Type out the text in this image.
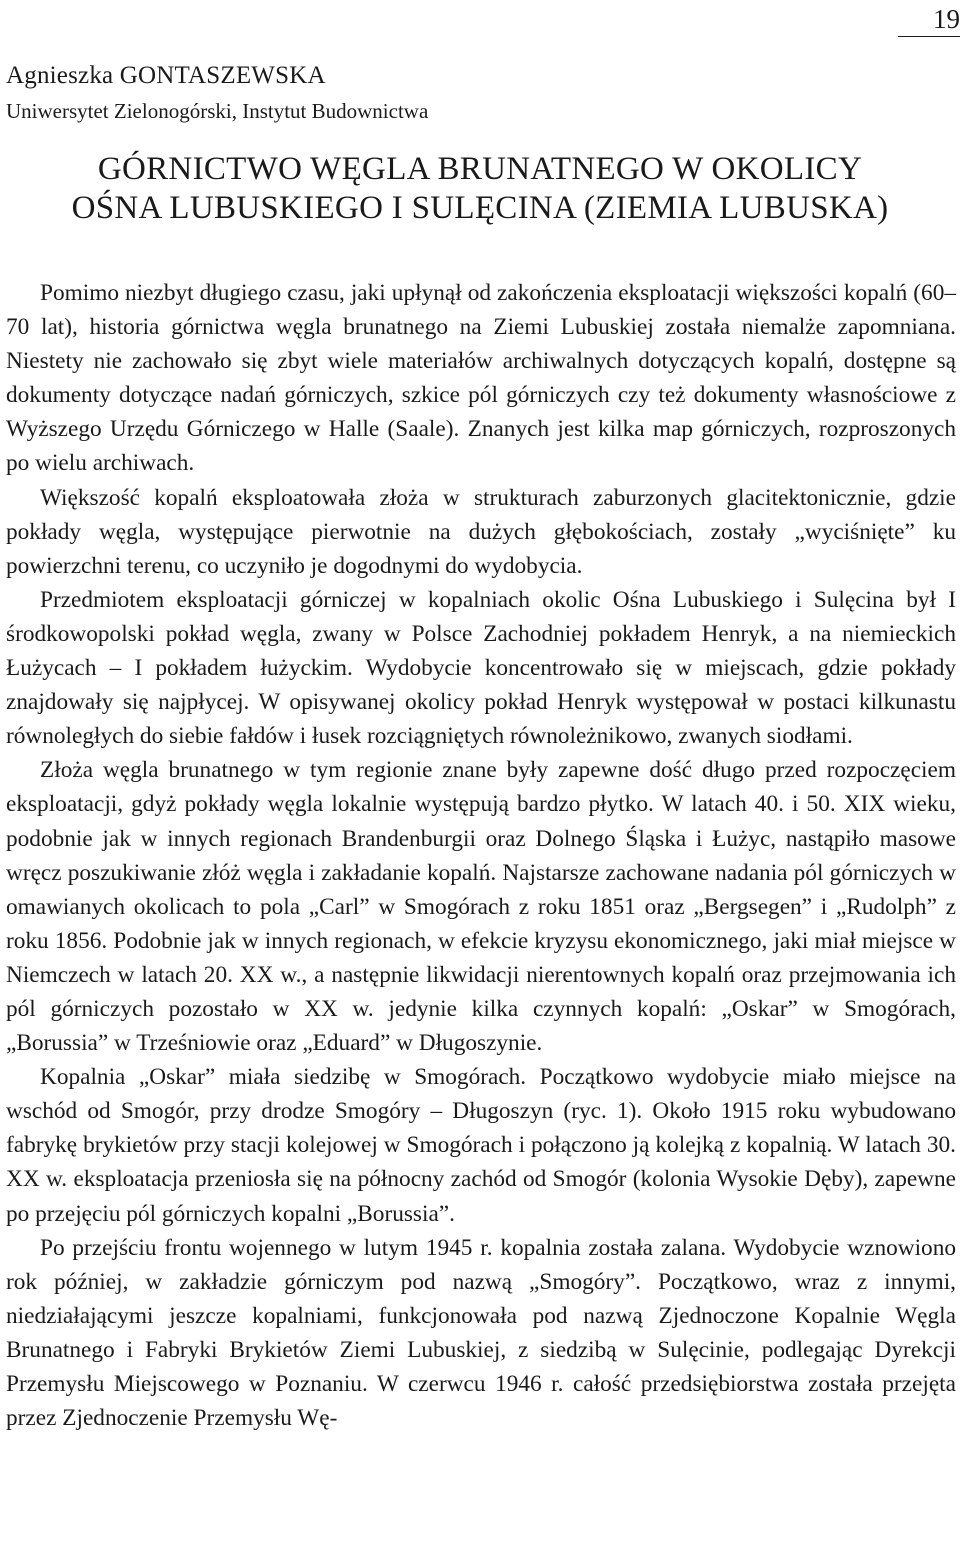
19
Agnieszka GONTASZEWSKA
Uniwersytet Zielonogórski, Instytut Budownictwa
GÓRNICTWO WĘGLA BRUNATNEGO W OKOLICY
OŚNA LUBUSKIEGO I SULĘCINA (ZIEMIA LUBUSKA)

Pomimo niezbyt długiego czasu, jaki upłynął od zakończenia eksploatacji większości kopalń (60–70 lat), historia górnictwa węgla brunatnego na Ziemi Lubuskiej została niemalże zapomniana. Niestety nie zachowało się zbyt wiele materiałów archiwalnych dotyczących kopalń, dostępne są dokumenty dotyczące nadań górniczych, szkice pól górniczych czy też dokumenty własnościowe z Wyższego Urzędu Górniczego w Halle (Saale). Znanych jest kilka map górniczych, rozproszonych po wielu archiwach.

Większość kopalń eksploatowała złoża w strukturach zaburzonych glacitektonicznie, gdzie pokłady węgla, występujące pierwotnie na dużych głębokościach, zostały „wyciśnięte” ku powierzchni terenu, co uczyniło je dogodnymi do wydobycia.

Przedmiotem eksploatacji górniczej w kopalniach okolic Ośna Lubuskiego i Sulęcina był I środkowopolski pokład węgla, zwany w Polsce Zachodniej pokładem Henryk, a na niemieckich Łużycach – I pokładem łużyckim. Wydobycie koncentrowało się w miejscach, gdzie pokłady znajdowały się najpłycej. W opisywanej okolicy pokład Henryk występował w postaci kilkunastu równoległych do siebie fałdów i łusek rozciągniętych równoleżnikowo, zwanych siodłami.

Złoża węgla brunatnego w tym regionie znane były zapewne dość długo przed rozpoczęciem eksploatacji, gdyż pokłady węgla lokalnie występują bardzo płytko. W latach 40. i 50. XIX wieku, podobnie jak w innych regionach Brandenburgii oraz Dolnego Śląska i Łużyc, nastąpiło masowe wręcz poszukiwanie złóż węgla i zakładanie kopalń. Najstarsze zachowane nadania pól górniczych w omawianych okolicach to pola „Carl” w Smogórach z roku 1851 oraz „Bergsegen” i „Rudolph” z roku 1856. Podobnie jak w innych regionach, w efekcie kryzysu ekonomicznego, jaki miał miejsce w Niemczech w latach 20. XX w., a następnie likwidacji nierentownych kopalń oraz przejmowania ich pól górniczych pozostało w XX w. jedynie kilka czynnych kopalń: „Oskar” w Smogórach, „Borussia” w Trześniowie oraz „Eduard” w Długoszynie.

Kopalnia „Oskar” miała siedzibę w Smogórach. Początkowo wydobycie miało miejsce na wschód od Smogór, przy drodze Smogóry – Długoszyn (ryc. 1). Około 1915 roku wybudowano fabrykę brykietów przy stacji kolejowej w Smogórach i połączono ją kolejką z kopalnią. W latach 30. XX w. eksploatacja przeniosła się na północny zachód od Smogór (kolonia Wysokie Dęby), zapewne po przejęciu pól górniczych kopalni „Borussia”.

Po przejściu frontu wojennego w lutym 1945 r. kopalnia została zalana. Wydobycie wznowiono rok później, w zakładzie górniczym pod nazwą „Smogóry”. Początkowo, wraz z innymi, niedziałającymi jeszcze kopalniami, funkcjonowała pod nazwą Zjednoczone Kopalnie Węgla Brunatnego i Fabryki Brykietów Ziemi Lubuskiej, z siedzibą w Sulęcinie, podlegając Dyrekcji Przemysłu Miejscowego w Poznaniu. W czerwcu 1946 r. całość przedsiębiorstwa została przejęta przez Zjednoczenie Przemysłu Wę-
